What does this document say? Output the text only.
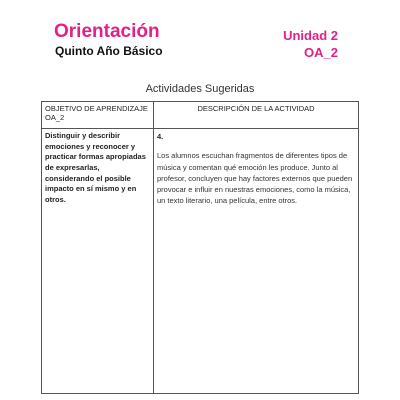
Orientación
Quinto Año Básico
Unidad 2
OA_2
Actividades Sugeridas
OBJETIVO DE APRENDIZAJE OA_2	DESCRIPCIÓN DE LA ACTIVIDAD
Distinguir y describir emociones y reconocer y practicar formas apropiadas de expresarlas, considerando el posible impacto en sí mismo y en otros.	4.
Los alumnos escuchan fragmentos de diferentes tipos de música y comentan qué emoción les produce. Junto al profesor, concluyen que hay factores externos que pueden provocar e influir en nuestras emociones, como la música, un texto literario, una película, entre otros.
